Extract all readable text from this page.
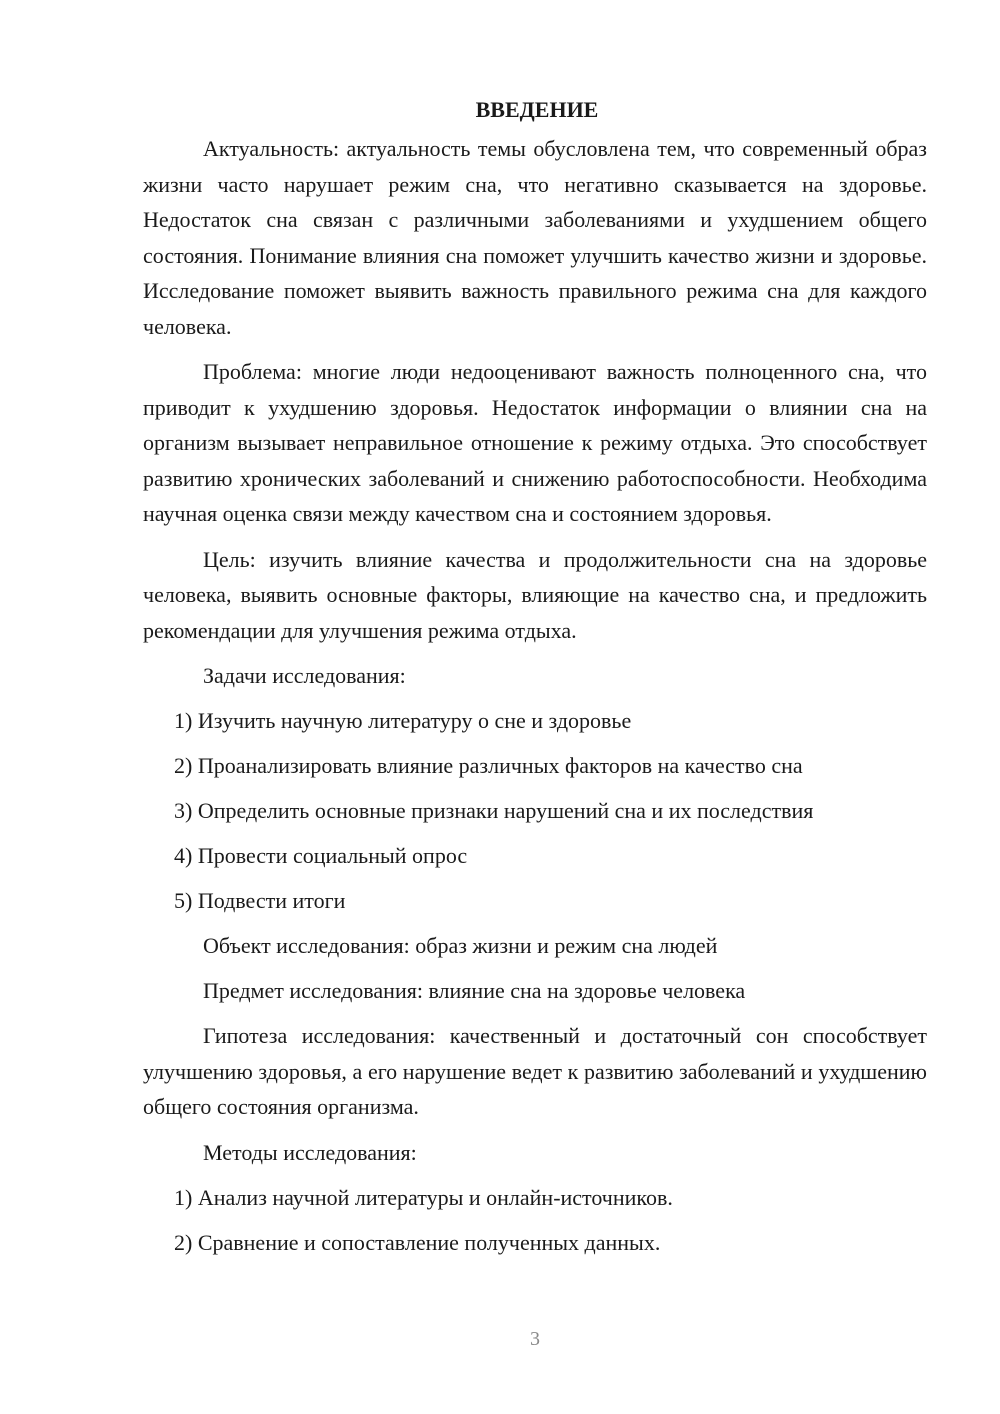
ВВЕДЕНИЕ

Актуальность: актуальность темы обусловлена тем, что современный образ жизни часто нарушает режим сна, что негативно сказывается на здоровье. Недостаток сна связан с различными заболеваниями и ухудшением общего состояния. Понимание влияния сна поможет улучшить качество жизни и здоровье. Исследование поможет выявить важность правильного режима сна для каждого человека.

Проблема: многие люди недооценивают важность полноценного сна, что приводит к ухудшению здоровья. Недостаток информации о влиянии сна на организм вызывает неправильное отношение к режиму отдыха. Это способствует развитию хронических заболеваний и снижению работоспособности. Необходима научная оценка связи между качеством сна и состоянием здоровья.

Цель: изучить влияние качества и продолжительности сна на здоровье человека, выявить основные факторы, влияющие на качество сна, и предложить рекомендации для улучшения режима отдыха.

Задачи исследования:

1) Изучить научную литературу о сне и здоровье

2) Проанализировать влияние различных факторов на качество сна

3) Определить основные признаки нарушений сна и их последствия

4) Провести социальный опрос

5) Подвести итоги

Объект исследования: образ жизни и режим сна людей

Предмет исследования: влияние сна на здоровье человека

Гипотеза исследования: качественный и достаточный сон способствует улучшению здоровья, а его нарушение ведет к развитию заболеваний и ухудшению общего состояния организма.

Методы исследования:

1) Анализ научной литературы и онлайн-источников.

2) Сравнение и сопоставление полученных данных.

3
